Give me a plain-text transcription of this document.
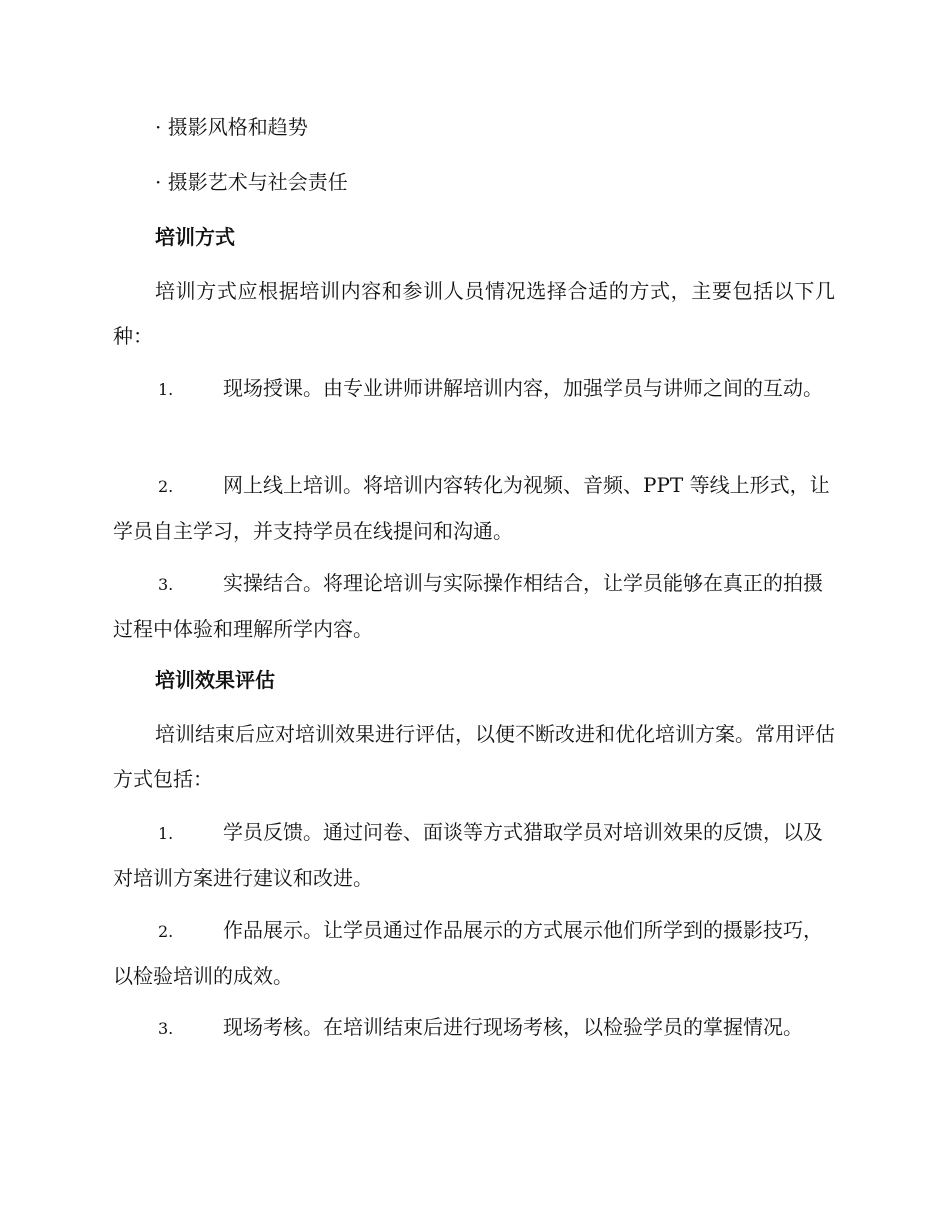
· 摄影风格和趋势
· 摄影艺术与社会责任
培训方式
培训方式应根据培训内容和参训人员情况选择合适的方式，主要包括以下几种：
1. 现场授课。由专业讲师讲解培训内容，加强学员与讲师之间的互动。
2. 网上线上培训。将培训内容转化为视频、音频、PPT 等线上形式，让学员自主学习，并支持学员在线提问和沟通。
3. 实操结合。将理论培训与实际操作相结合，让学员能够在真正的拍摄过程中体验和理解所学内容。
培训效果评估
培训结束后应对培训效果进行评估，以便不断改进和优化培训方案。常用评估方式包括：
1. 学员反馈。通过问卷、面谈等方式猎取学员对培训效果的反馈，以及对培训方案进行建议和改进。
2. 作品展示。让学员通过作品展示的方式展示他们所学到的摄影技巧，以检验培训的成效。
3. 现场考核。在培训结束后进行现场考核，以检验学员的掌握情况。
